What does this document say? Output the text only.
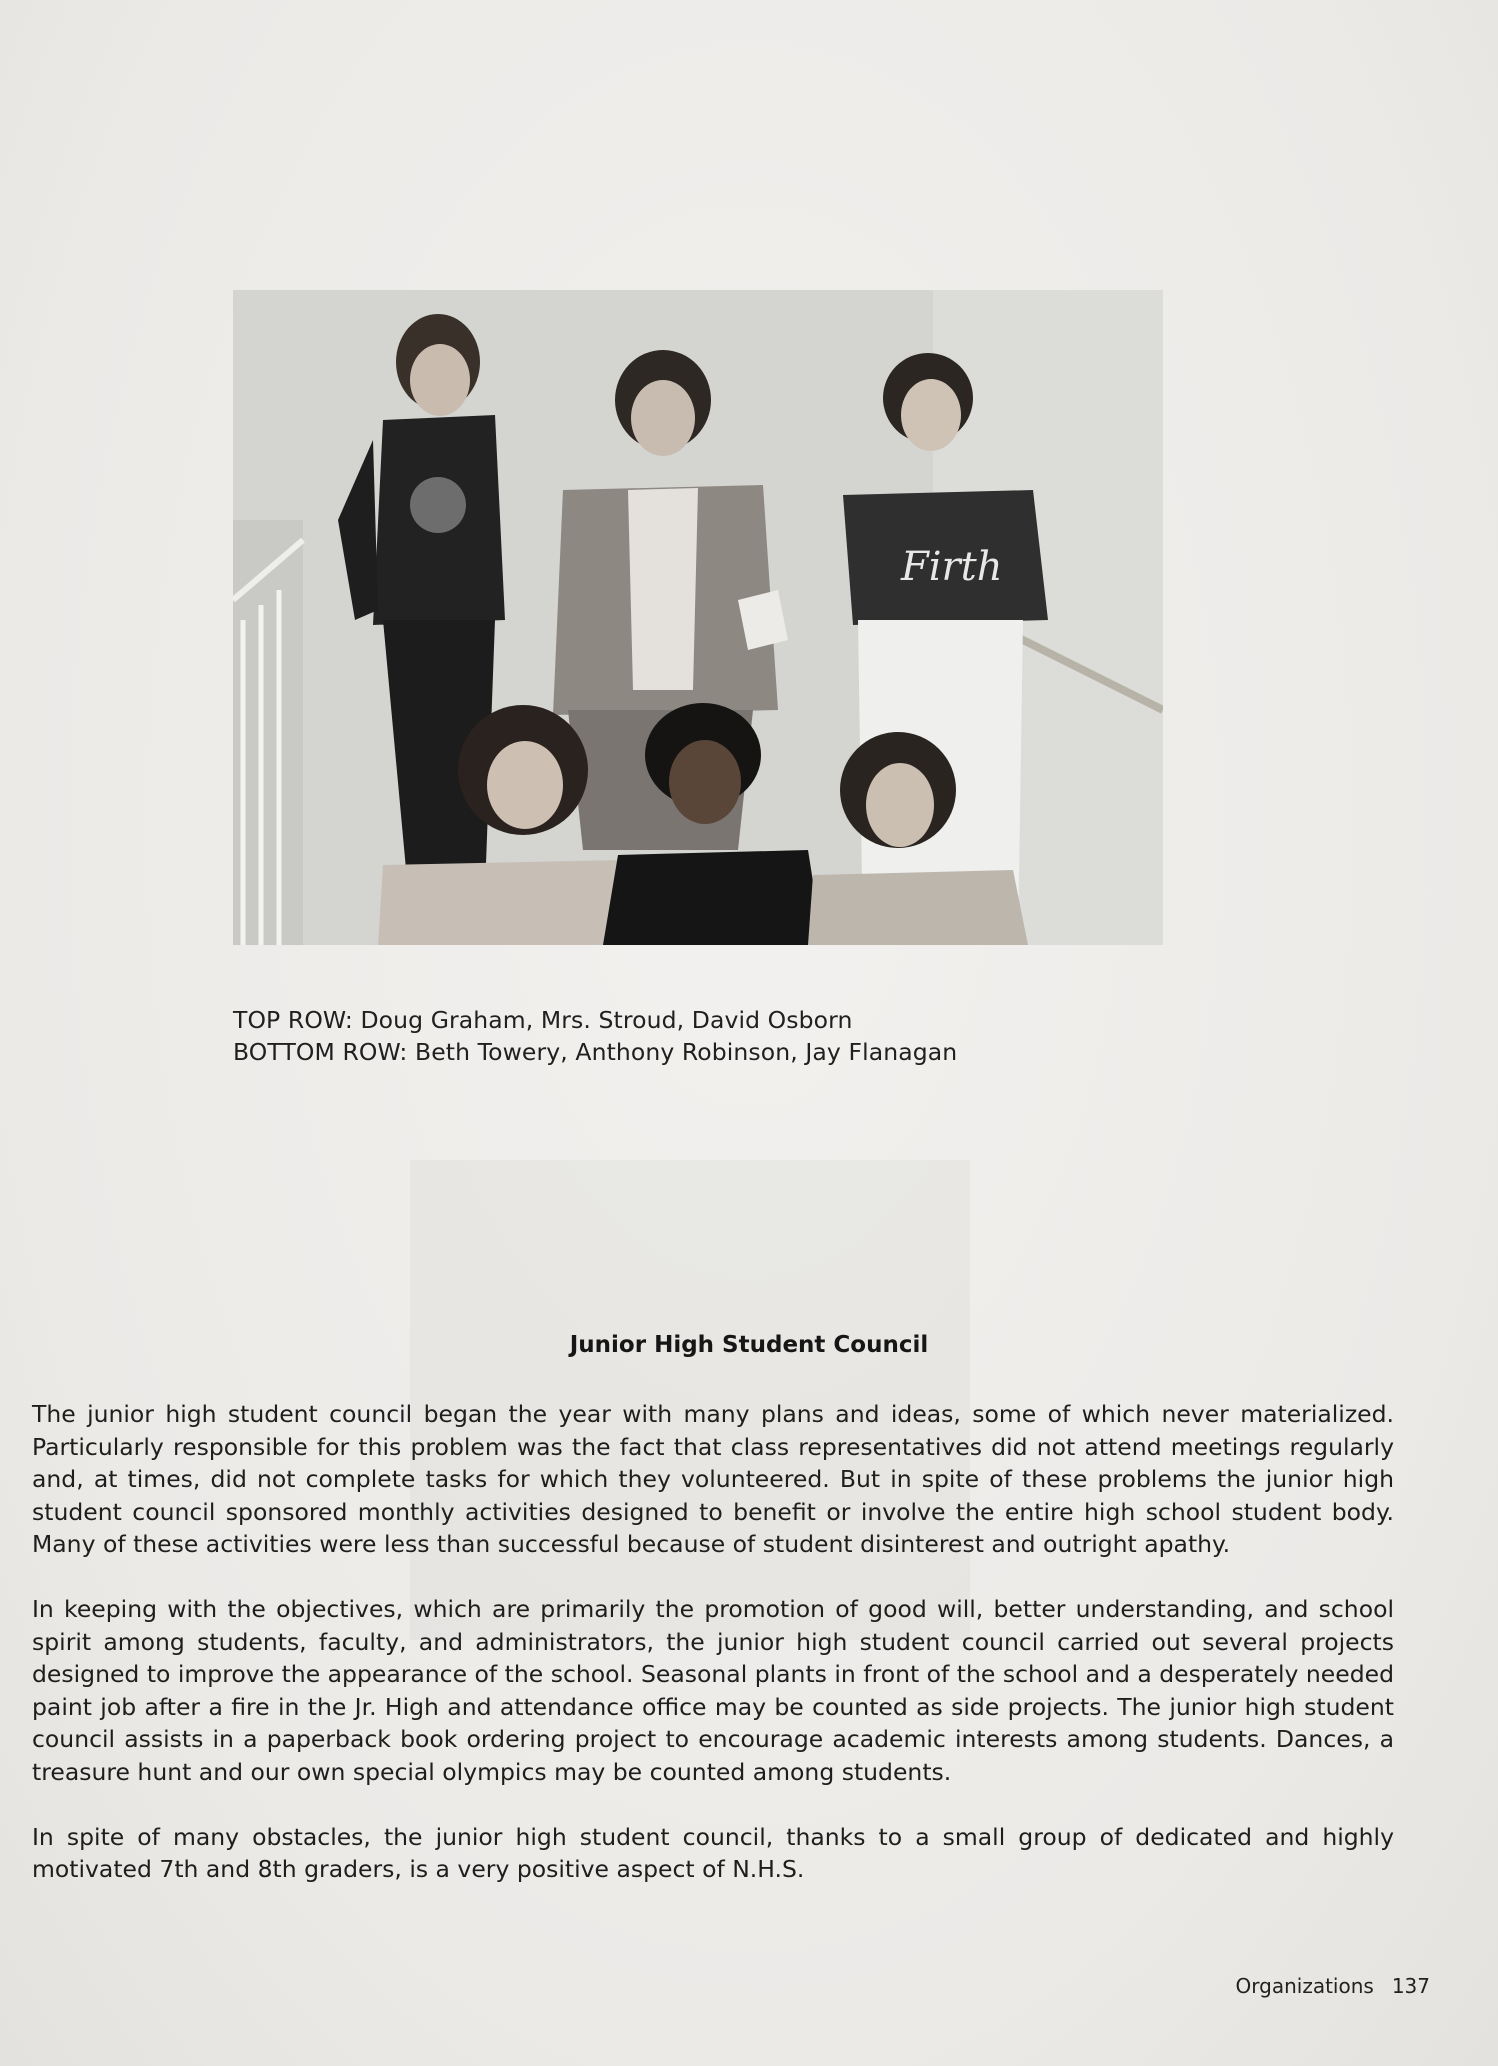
Firth
TOP ROW: Doug Graham, Mrs. Stroud, David Osborn
BOTTOM ROW: Beth Towery, Anthony Robinson, Jay Flanagan
Junior High Student Council

The junior high student council began the year with many plans and ideas, some of which never materialized. Particularly responsible for this problem was the fact that class representatives did not attend meetings regularly and, at times, did not complete tasks for which they volunteered. But in spite of these problems the junior high student council sponsored monthly activities designed to benefit or involve the entire high school student body. Many of these activities were less than successful because of student disinterest and outright apathy.

In keeping with the objectives, which are primarily the promotion of good will, better understanding, and school spirit among students, faculty, and administrators, the junior high student council carried out several projects designed to improve the appearance of the school. Seasonal plants in front of the school and a desperately needed paint job after a fire in the Jr. High and attendance office may be counted as side projects. The junior high student council assists in a paperback book ordering project to encourage academic interests among students. Dances, a treasure hunt and our own special olympics may be counted among students.

In spite of many obstacles, the junior high student council, thanks to a small group of dedicated and highly motivated 7th and 8th graders, is a very positive aspect of N.H.S.

Organizations 137
